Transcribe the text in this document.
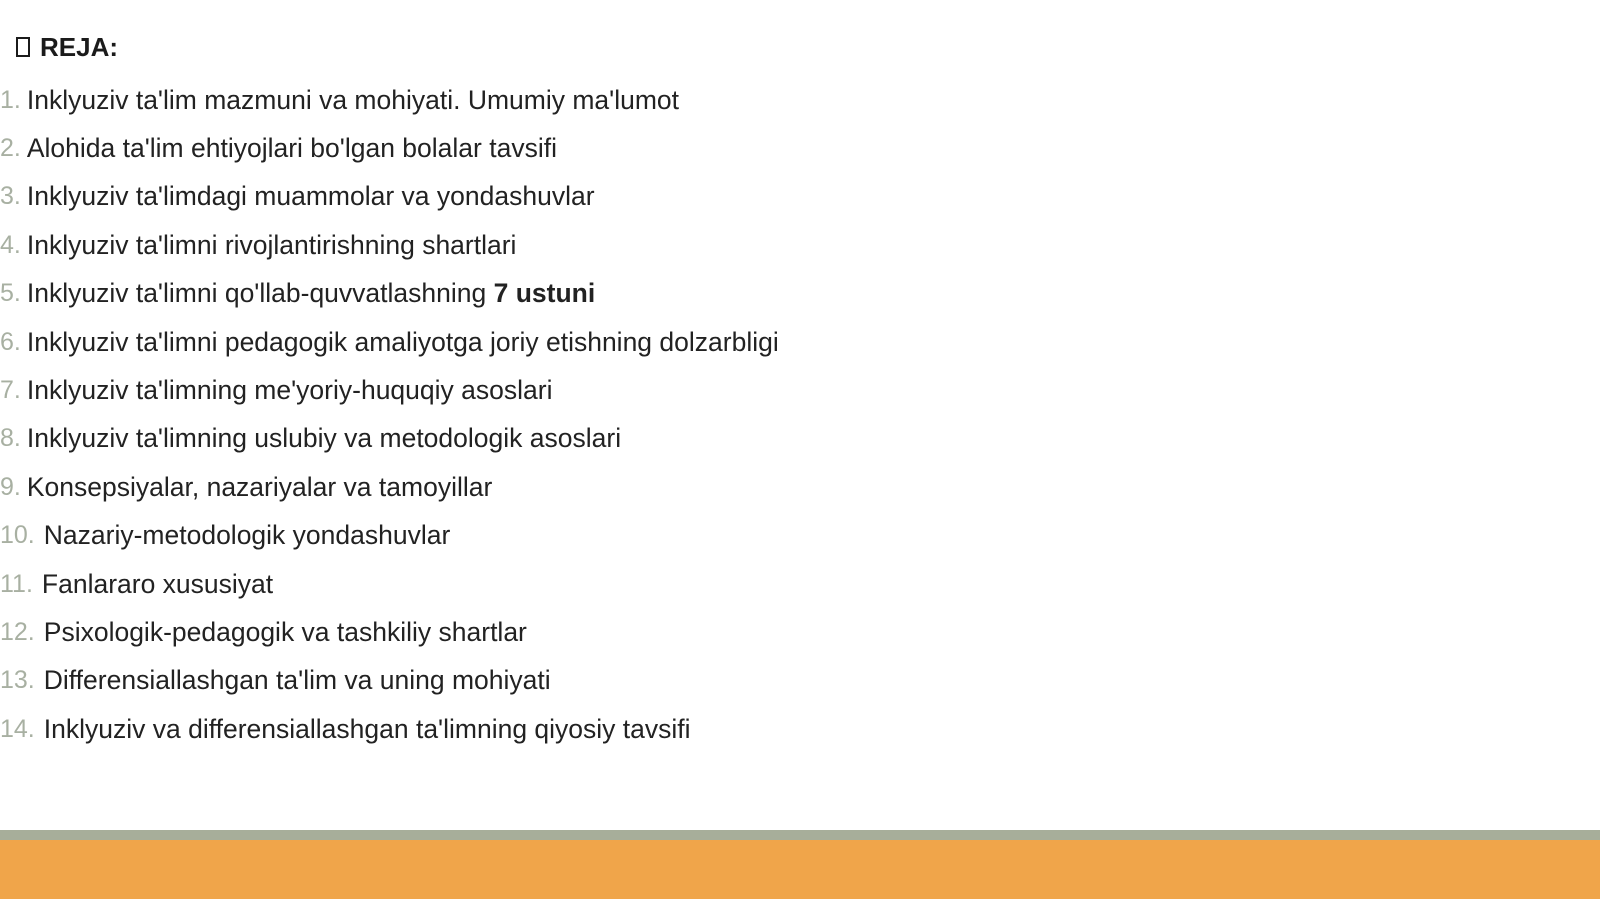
REJA:
1. Inklyuziv ta'lim mazmuni va mohiyati. Umumiy ma'lumot
2. Alohida ta'lim ehtiyojlari bo'lgan bolalar tavsifi
3. Inklyuziv ta'limdagi muammolar va yondashuvlar
4. Inklyuziv ta'limni rivojlantirishning shartlari
5. Inklyuziv ta'limni qo'llab-quvvatlashning 7 ustuni
6. Inklyuziv ta'limni pedagogik amaliyotga joriy etishning dolzarbligi
7. Inklyuziv ta'limning me'yoriy-huquqiy asoslari
8. Inklyuziv ta'limning uslubiy va metodologik asoslari
9. Konsepsiyalar, nazariyalar va tamoyillar
10. Nazariy-metodologik yondashuvlar
11. Fanlararo xususiyat
12. Psixologik-pedagogik va tashkiliy shartlar
13. Differensiallashgan ta'lim va uning mohiyati
14. Inklyuziv va differensiallashgan ta'limning qiyosiy tavsifi
